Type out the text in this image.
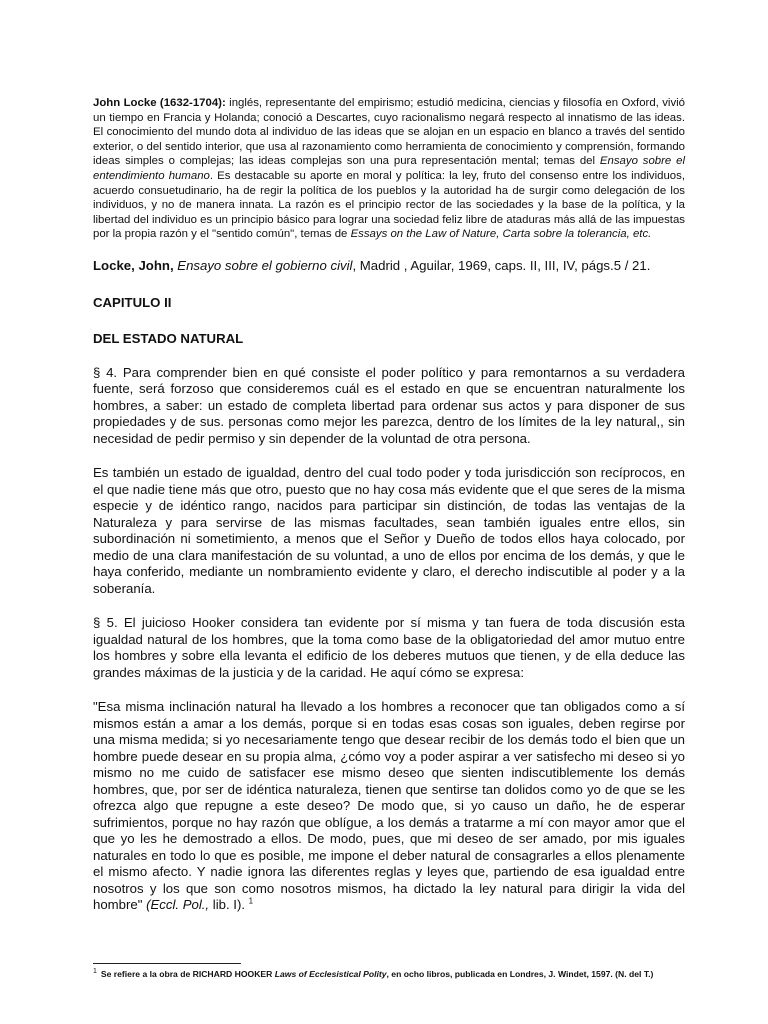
John Locke (1632-1704): inglés, representante del empirismo; estudió medicina, ciencias y filosofía en Oxford, vivió un tiempo en Francia y Holanda; conoció a Descartes, cuyo racionalismo negará respecto al innatismo de las ideas. El conocimiento del mundo dota al individuo de las ideas que se alojan en un espacio en blanco a través del sentido exterior, o del sentido interior, que usa al razonamiento como herramienta de conocimiento y comprensión, formando ideas simples o complejas; las ideas complejas son una pura representación mental; temas del Ensayo sobre el entendimiento humano. Es destacable su aporte en moral y política: la ley, fruto del consenso entre los individuos, acuerdo consuetudinario, ha de regir la política de los pueblos y la autoridad ha de surgir como delegación de los individuos, y no de manera innata. La razón es el principio rector de las sociedades y la base de la política, y la libertad del individuo es un principio básico para lograr una sociedad feliz libre de ataduras más allá de las impuestas por la propia razón y el "sentido común", temas de Essays on the Law of Nature, Carta sobre la tolerancia, etc.

Locke, John, Ensayo sobre el gobierno civil, Madrid , Aguilar, 1969, caps. II, III, IV, págs.5 / 21.

CAPITULO II

DEL ESTADO NATURAL

§ 4. Para comprender bien en qué consiste el poder político y para remontarnos a su verdadera fuente, será forzoso que consideremos cuál es el estado en que se encuentran naturalmente los hombres, a saber: un estado de completa libertad para ordenar sus actos y para disponer de sus propiedades y de sus. personas como mejor les parezca, dentro de los límites de la ley natural,, sin necesidad de pedir permiso y sin depender de la voluntad de otra persona.

Es también un estado de igualdad, dentro del cual todo poder y toda jurisdicción son recíprocos, en el que nadie tiene más que otro, puesto que no hay cosa más evidente que el que seres de la misma especie y de idéntico rango, nacidos para participar sin distinción, de todas las ventajas de la Naturaleza y para servirse de las mismas facultades, sean también iguales entre ellos, sin subordinación ni sometimiento, a menos que el Señor y Dueño de todos ellos haya colocado, por medio de una clara manifestación de su voluntad, a uno de ellos por encima de los demás, y que le haya conferido, mediante un nombramiento evidente y claro, el derecho indiscutible al poder y a la soberanía.

§ 5. El juicioso Hooker considera tan evidente por sí misma y tan fuera de toda discusión esta igualdad natural de los hombres, que la toma como base de la obligatoriedad del amor mutuo entre los hombres y sobre ella levanta el edificio de los deberes mutuos que tienen, y de ella deduce las grandes máximas de la justicia y de la caridad. He aquí cómo se expresa:

"Esa misma inclinación natural ha llevado a los hombres a reconocer que tan obligados como a sí mismos están a amar a los demás, porque si en todas esas cosas son iguales, deben regirse por una misma medida; si yo necesariamente tengo que desear recibir de los demás todo el bien que un hombre puede desear en su propia alma, ¿cómo voy a poder aspirar a ver satisfecho mi deseo si yo mismo no me cuido de satisfacer ese mismo deseo que sienten indiscutiblemente los demás hombres, que, por ser de idéntica naturaleza, tienen que sentirse tan dolidos como yo de que se les ofrezca algo que repugne a este deseo? De modo que, si yo causo un daño, he de esperar sufrimientos, porque no hay razón que oblígue, a los demás a tratarme a mí con mayor amor que el que yo les he demostrado a ellos. De modo, pues, que mi deseo de ser amado, por mis iguales naturales en todo lo que es posible, me impone el deber natural de consagrarles a ellos plenamente el mismo afecto. Y nadie ignora las diferentes reglas y leyes que, partiendo de esa igualdad entre nosotros y los que son como nosotros mismos, ha dictado la ley natural para dirigir la vida del hombre" (Eccl. Pol., lib. I). $^1$

$^1$ Se refiere a la obra de RICHARD HOOKER Laws of Ecclesistical Polity, en ocho libros, publicada en Londres, J. Windet, 1597. (N. del T.)
